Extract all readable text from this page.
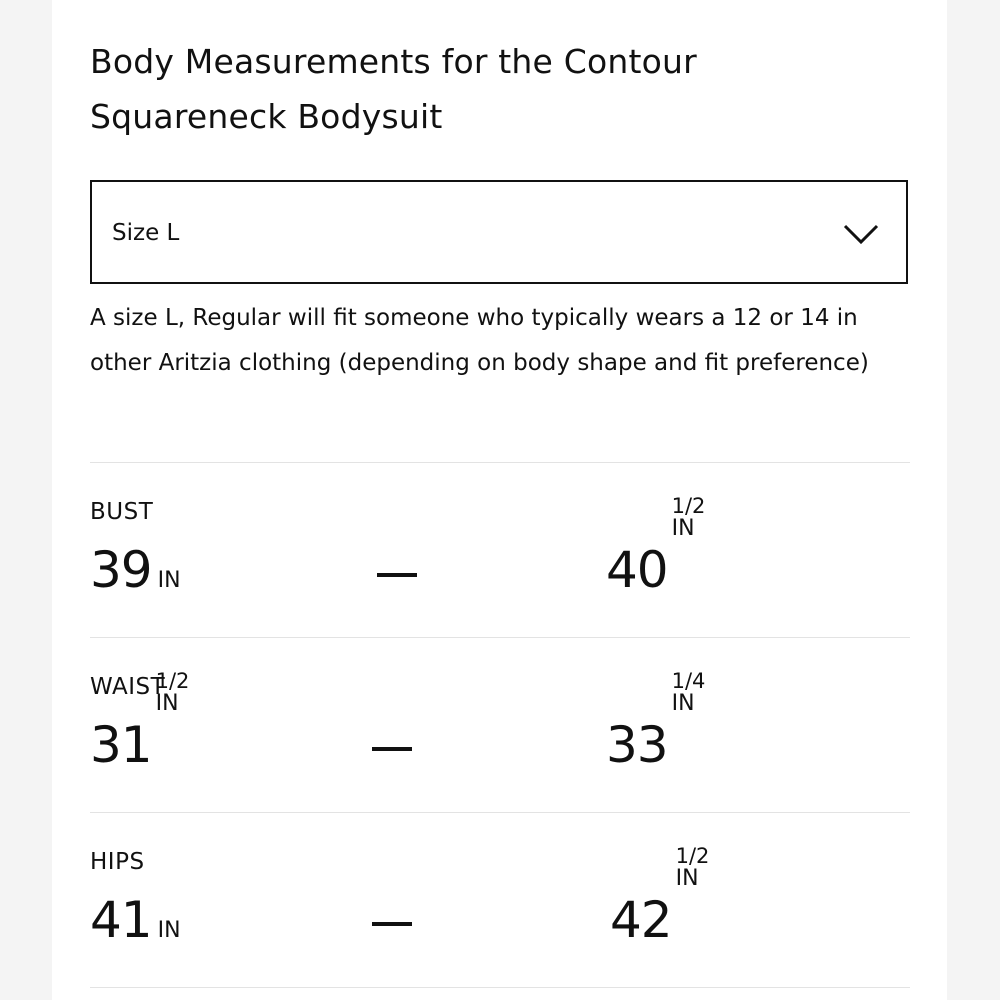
Body Measurements for the Contour Squareneck Bodysuit
Size L

A size L, Regular will fit someone who typically wears a 12 or 14 in other Aritzia clothing (depending on body shape and fit preference)

BUST
39 IN	40
1/2
IN
WAIST
31
1/2
IN
33
1/4
IN
HIPS
41 IN	42
1/2
IN
